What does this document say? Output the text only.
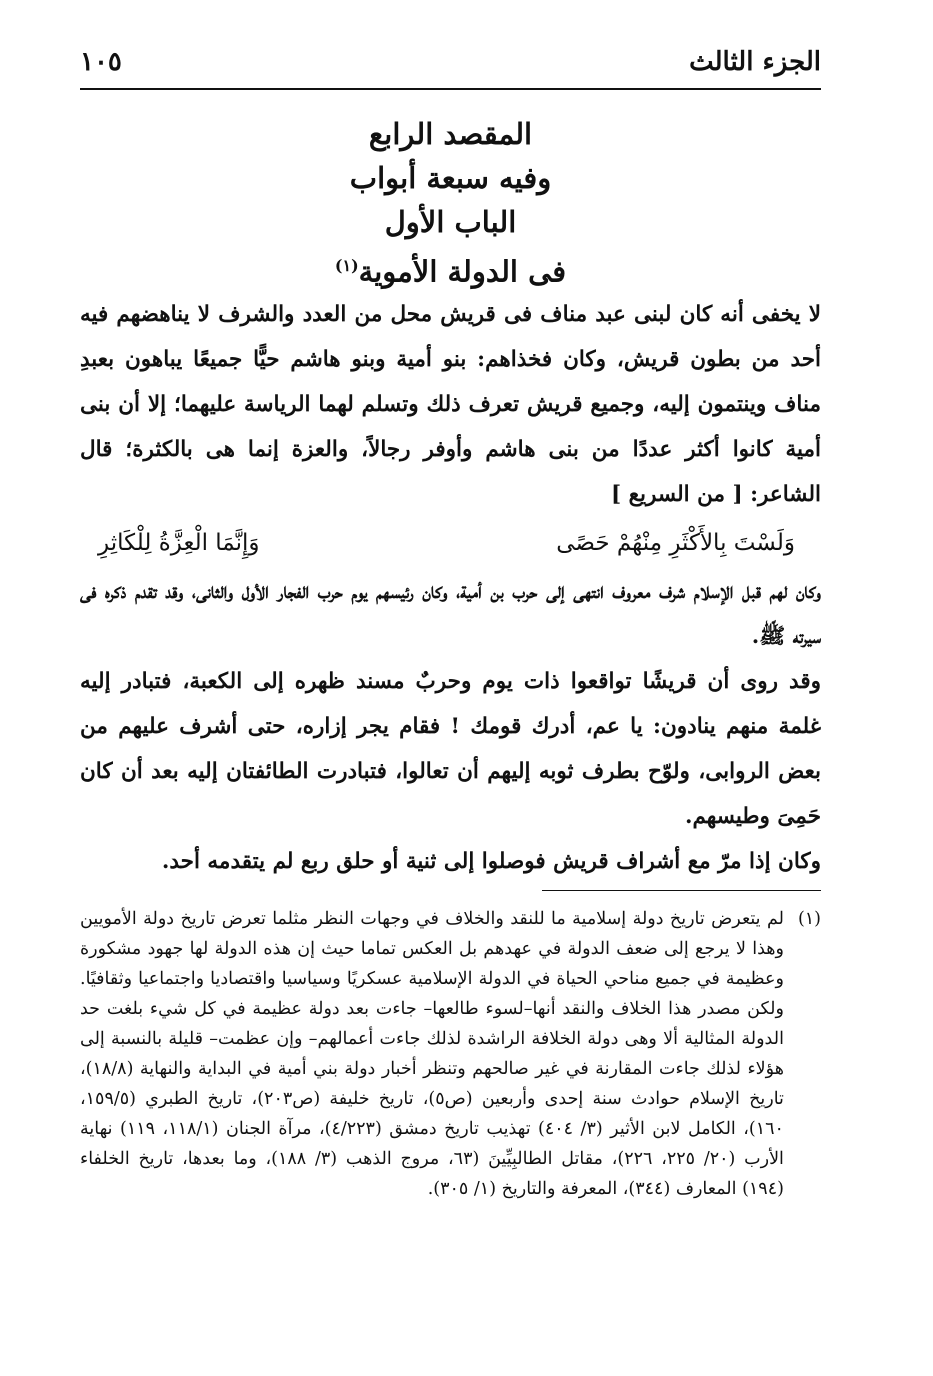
الجزء الثالث
١٠٥
المقصد الرابع
وفيه سبعة أبواب
الباب الأول
فى الدولة الأموية$^{(١)}$

لا يخفى أنه كان لبنى عبد مناف فى قريش محل من العدد والشرف لا يناهضهم فيه أحد من بطون قريش، وكان فخذاهم: بنو أمية وبنو هاشم حيًّا جميعًا يباهون بعبدِ مناف وينتمون إليه، وجميع قريش تعرف ذلك وتسلم لهما الرياسة عليهما؛ إلا أن بنى أمية كانوا أكثر عددًا من بنى هاشم وأوفر رجالاً، والعزة إنما هى بالكثرة؛ قال الشاعر: [ من السريع ]

وَلَسْتَ بِالأَكْثَرِ مِنْهُمْ حَصًى
وَإِنَّمَا الْعِزَّةُ لِلْكَاثِرِ

وكان لهم قبل الإسلام شرف معروف انتهى إلى حرب بن أمية، وكان رئيسهم يوم حرب الفجار الأول والثانى، وقد تقدم ذكره فى سيرته ﷺ.

وقد روى أن قريشًا تواقعوا ذات يوم وحربٌ مسند ظهره إلى الكعبة، فتبادر إليه غلمة منهم ينادون: يا عم، أدرك قومك ! فقام يجر إزاره، حتى أشرف عليهم من بعض الروابى، ولوّح بطرف ثوبه إليهم أن تعالوا، فتبادرت الطائفتان إليه بعد أن كان حَمِىَ وطيسهم.

وكان إذا مرّ مع أشراف قريش فوصلوا إلى ثنية أو حلق ربع لم يتقدمه أحد.

(١)
لم يتعرض تاريخ دولة إسلامية ما للنقد والخلاف في وجهات النظر مثلما تعرض تاريخ دولة الأمويين وهذا لا يرجع إلى ضعف الدولة في عهدهم بل العكس تماما حيث إن هذه الدولة لها جهود مشكورة وعظيمة في جميع مناحي الحياة في الدولة الإسلامية عسكريًا وسياسيا واقتصاديا واجتماعيا وثقافيًا. ولكن مصدر هذا الخلاف والنقد أنها–لسوء طالعها– جاءت بعد دولة عظيمة في كل شيء بلغت حد الدولة المثالية ألا وهى دولة الخلافة الراشدة لذلك جاءت أعمالهم– وإن عظمت– قليلة بالنسبة إلى هؤلاء لذلك جاءت المقارنة في غير صالحهم وتنظر أخبار دولة بني أمية في البداية والنهاية (١٨/٨)، تاريخ الإسلام حوادث سنة إحدى وأربعين (ص٥)، تاريخ خليفة (ص٢٠٣)، تاريخ الطبري (١٥٩/٥، ١٦٠)، الكامل لابن الأثير (٣/ ٤٠٤) تهذيب تاريخ دمشق (٤/٢٢٣)، مرآة الجنان (١١٨/١، ١١٩) نهاية الأرب (٢٠/ ٢٢٥، ٢٢٦)، مقاتل الطالبِيِّينَ (٦٣، مروج الذهب (٣/ ١٨٨)، وما بعدها، تاريخ الخلفاء (١٩٤) المعارف (٣٤٤)، المعرفة والتاريخ (١/ ٣٠٥).
